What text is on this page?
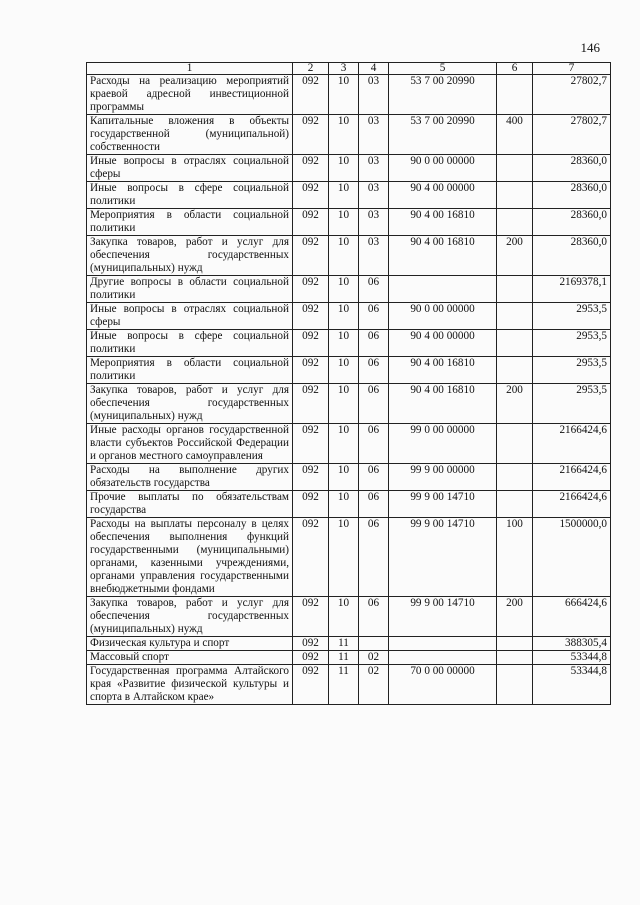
146
1	2	3	4	5	6	7
Расходы на реализацию мероприятий краевой адресной инвестиционной программы	092	10	03	53 7 00 20990		27802,7
Капитальные вложения в объекты государственной (муниципальной) собственности	092	10	03	53 7 00 20990	400	27802,7
Иные вопросы в отраслях социальной сферы	092	10	03	90 0 00 00000		28360,0
Иные вопросы в сфере социальной политики	092	10	03	90 4 00 00000		28360,0
Мероприятия в области социальной политики	092	10	03	90 4 00 16810		28360,0
Закупка товаров, работ и услуг для обеспечения государственных (муниципальных) нужд	092	10	03	90 4 00 16810	200	28360,0
Другие вопросы в области социальной политики	092	10	06			2169378,1
Иные вопросы в отраслях социальной сферы	092	10	06	90 0 00 00000		2953,5
Иные вопросы в сфере социальной политики	092	10	06	90 4 00 00000		2953,5
Мероприятия в области социальной политики	092	10	06	90 4 00 16810		2953,5
Закупка товаров, работ и услуг для обеспечения государственных (муниципальных) нужд	092	10	06	90 4 00 16810	200	2953,5
Иные расходы органов государственной власти субъектов Российской Федерации и органов местного самоуправления	092	10	06	99 0 00 00000		2166424,6
Расходы на выполнение других обязательств государства	092	10	06	99 9 00 00000		2166424,6
Прочие выплаты по обязательствам государства	092	10	06	99 9 00 14710		2166424,6
Расходы на выплаты персоналу в целях обеспечения выполнения функций государственными (муниципальными) органами, казенными учреждениями, органами управления государственными внебюджетными фондами	092	10	06	99 9 00 14710	100	1500000,0
Закупка товаров, работ и услуг для обеспечения государственных (муниципальных) нужд	092	10	06	99 9 00 14710	200	666424,6
Физическая культура и спорт	092	11				388305,4
Массовый спорт	092	11	02			53344,8
Государственная программа Алтайского края «Развитие физической культуры и спорта в Алтайском крае»	092	11	02	70 0 00 00000		53344,8
